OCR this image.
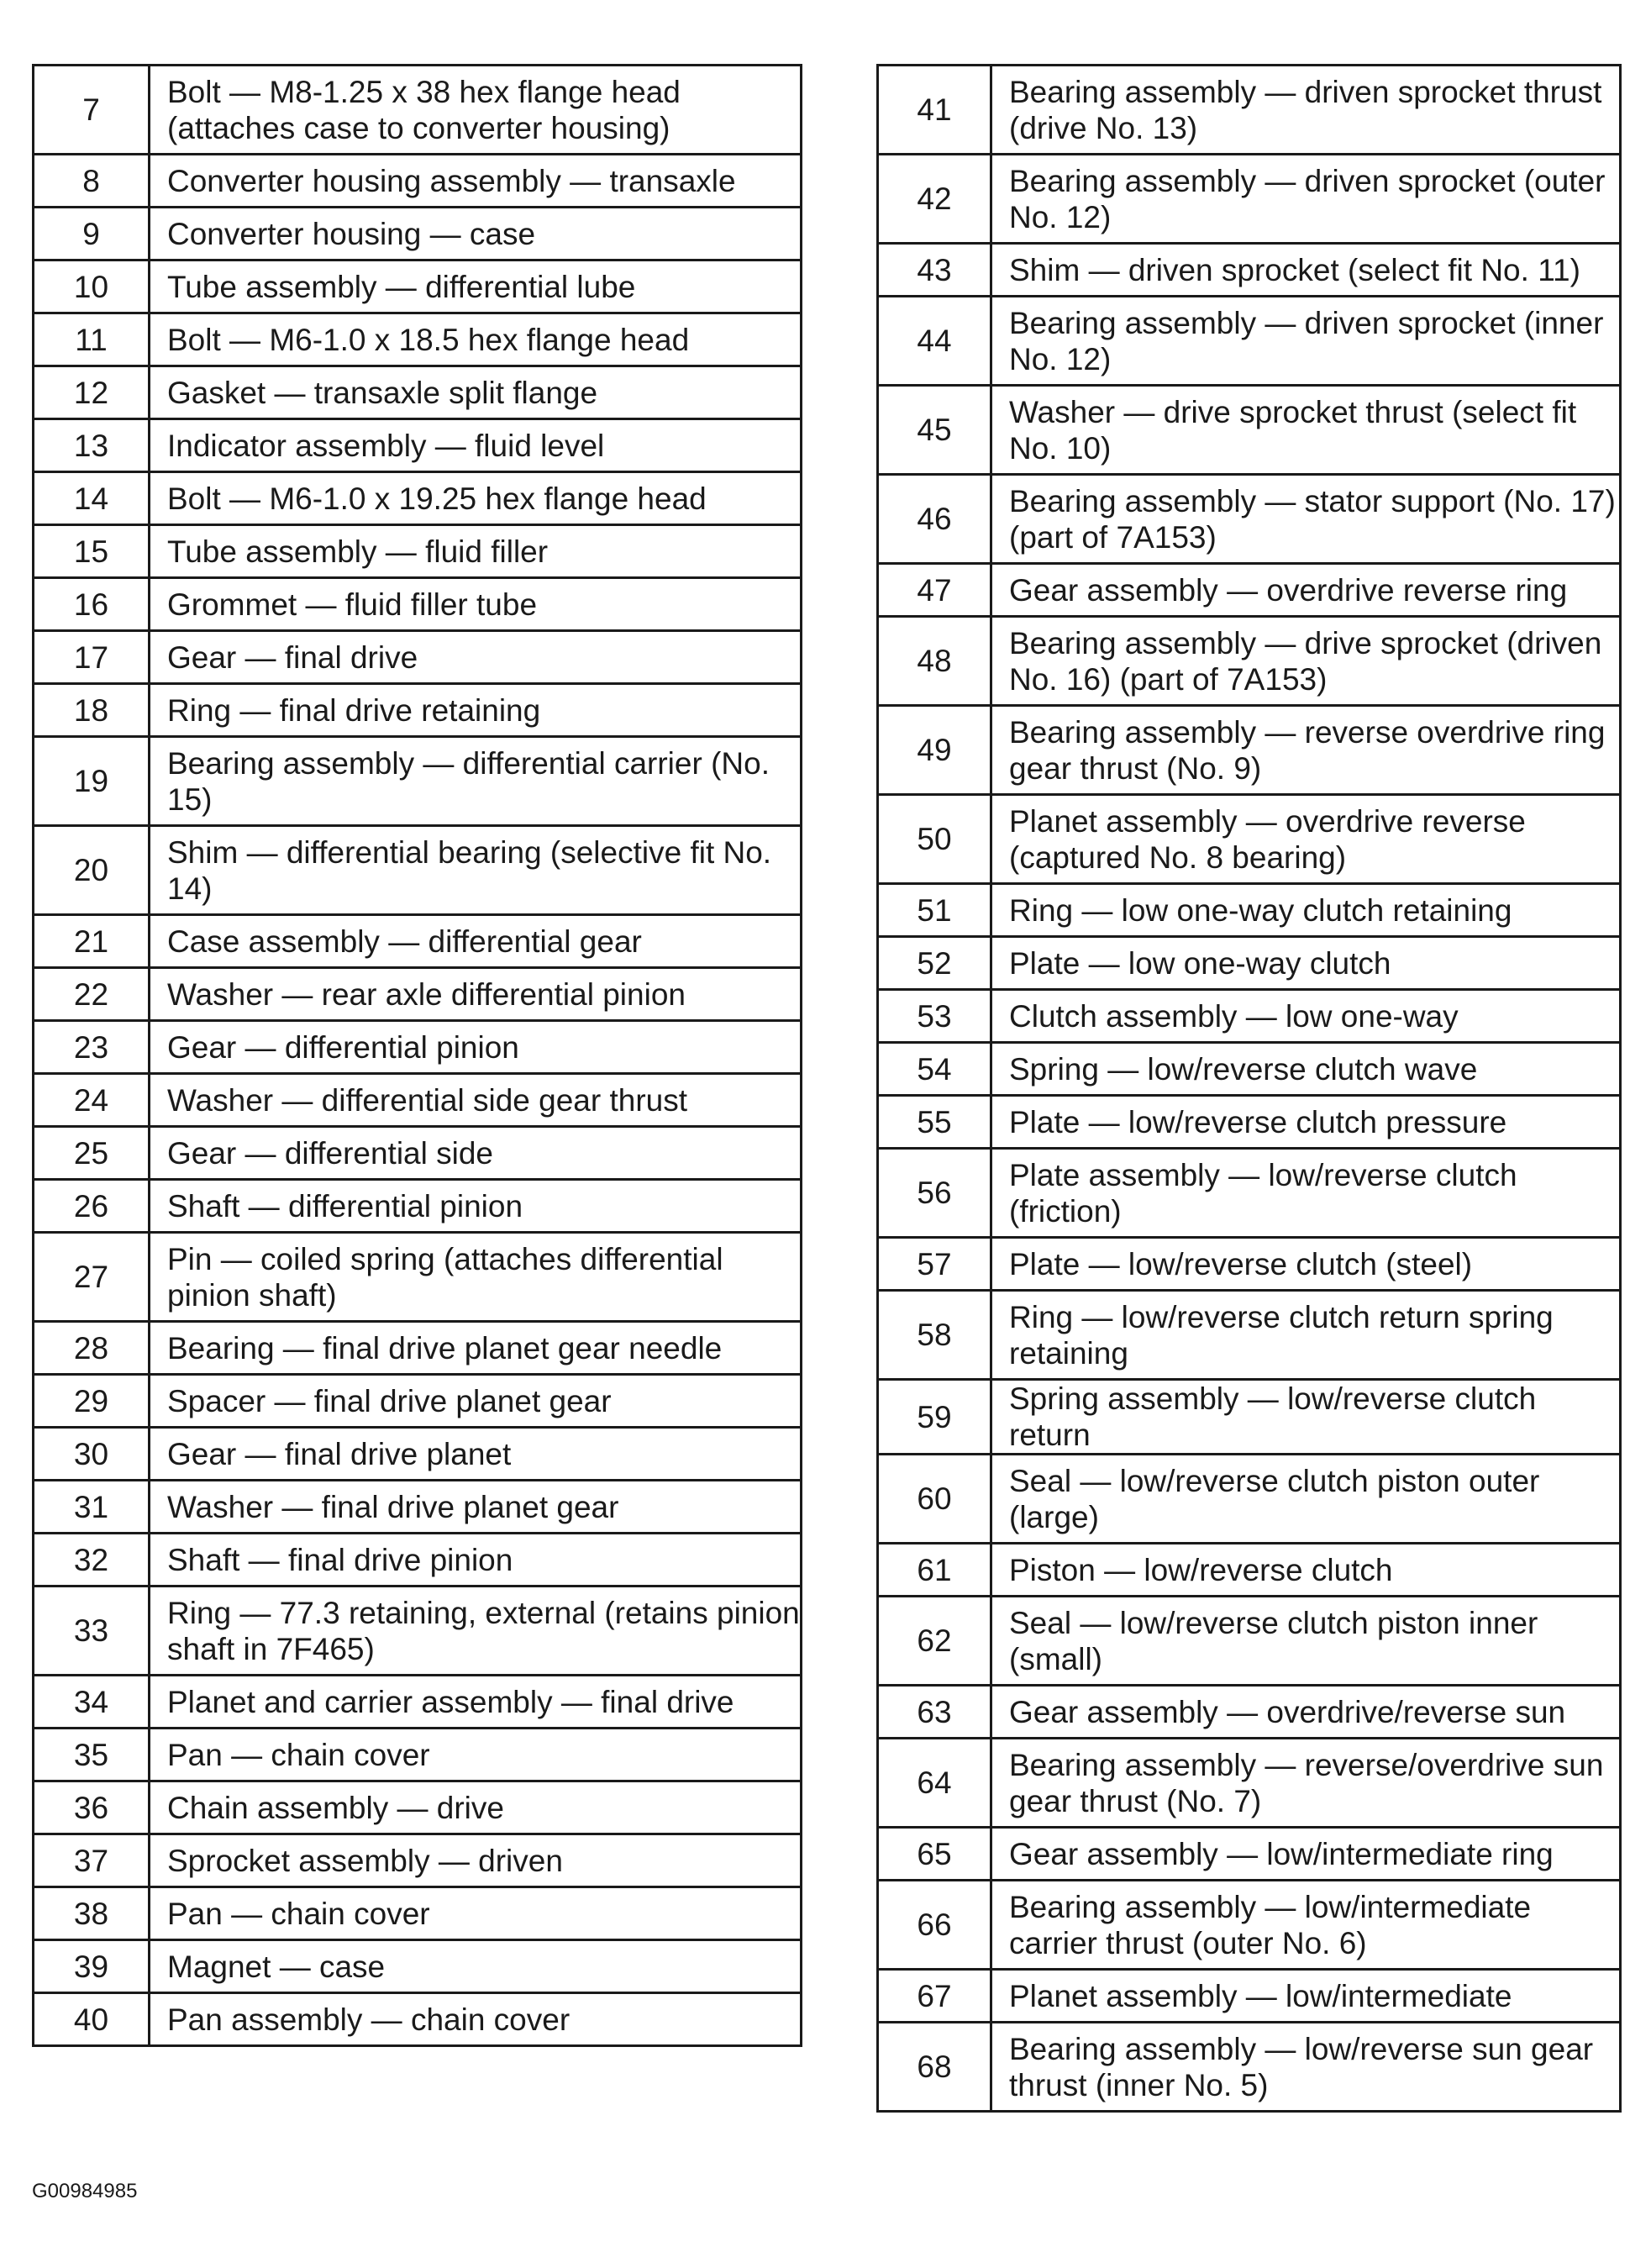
7	Bolt — M8-1.25 x 38 hex flange head (attaches case to converter housing)
8	Converter housing assembly — transaxle
9	Converter housing — case
10	Tube assembly — differential lube
11	Bolt — M6-1.0 x 18.5 hex flange head
12	Gasket — transaxle split flange
13	Indicator assembly — fluid level
14	Bolt — M6-1.0 x 19.25 hex flange head
15	Tube assembly — fluid filler
16	Grommet — fluid filler tube
17	Gear — final drive
18	Ring — final drive retaining
19	Bearing assembly — differential carrier (No. 15)
20	Shim — differential bearing (selective fit No. 14)
21	Case assembly — differential gear
22	Washer — rear axle differential pinion
23	Gear — differential pinion
24	Washer — differential side gear thrust
25	Gear — differential side
26	Shaft — differential pinion
27	Pin — coiled spring (attaches differential pinion shaft)
28	Bearing — final drive planet gear needle
29	Spacer — final drive planet gear
30	Gear — final drive planet
31	Washer — final drive planet gear
32	Shaft — final drive pinion
33	Ring — 77.3 retaining, external (retains pinion shaft in 7F465)
34	Planet and carrier assembly — final drive
35	Pan — chain cover
36	Chain assembly — drive
37	Sprocket assembly — driven
38	Pan — chain cover
39	Magnet — case
40	Pan assembly — chain cover
41	Bearing assembly — driven sprocket thrust (drive No. 13)
42	Bearing assembly — driven sprocket (outer No. 12)
43	Shim — driven sprocket (select fit No. 11)
44	Bearing assembly — driven sprocket (inner No. 12)
45	Washer — drive sprocket thrust (select fit No. 10)
46	Bearing assembly — stator support (No. 17) (part of 7A153)
47	Gear assembly — overdrive reverse ring
48	Bearing assembly — drive sprocket (driven No. 16) (part of 7A153)
49	Bearing assembly — reverse overdrive ring gear thrust (No. 9)
50	Planet assembly — overdrive reverse (captured No. 8 bearing)
51	Ring — low one-way clutch retaining
52	Plate — low one-way clutch
53	Clutch assembly — low one-way
54	Spring — low/reverse clutch wave
55	Plate — low/reverse clutch pressure
56	Plate assembly — low/reverse clutch (friction)
57	Plate — low/reverse clutch (steel)
58	Ring — low/reverse clutch return spring retaining
59	Spring assembly — low/reverse clutch return
60	Seal — low/reverse clutch piston outer (large)
61	Piston — low/reverse clutch
62	Seal — low/reverse clutch piston inner (small)
63	Gear assembly — overdrive/reverse sun
64	Bearing assembly — reverse/overdrive sun gear thrust (No. 7)
65	Gear assembly — low/intermediate ring
66	Bearing assembly — low/intermediate carrier thrust (outer No. 6)
67	Planet assembly — low/intermediate
68	Bearing assembly — low/reverse sun gear thrust (inner No. 5)
G00984985
